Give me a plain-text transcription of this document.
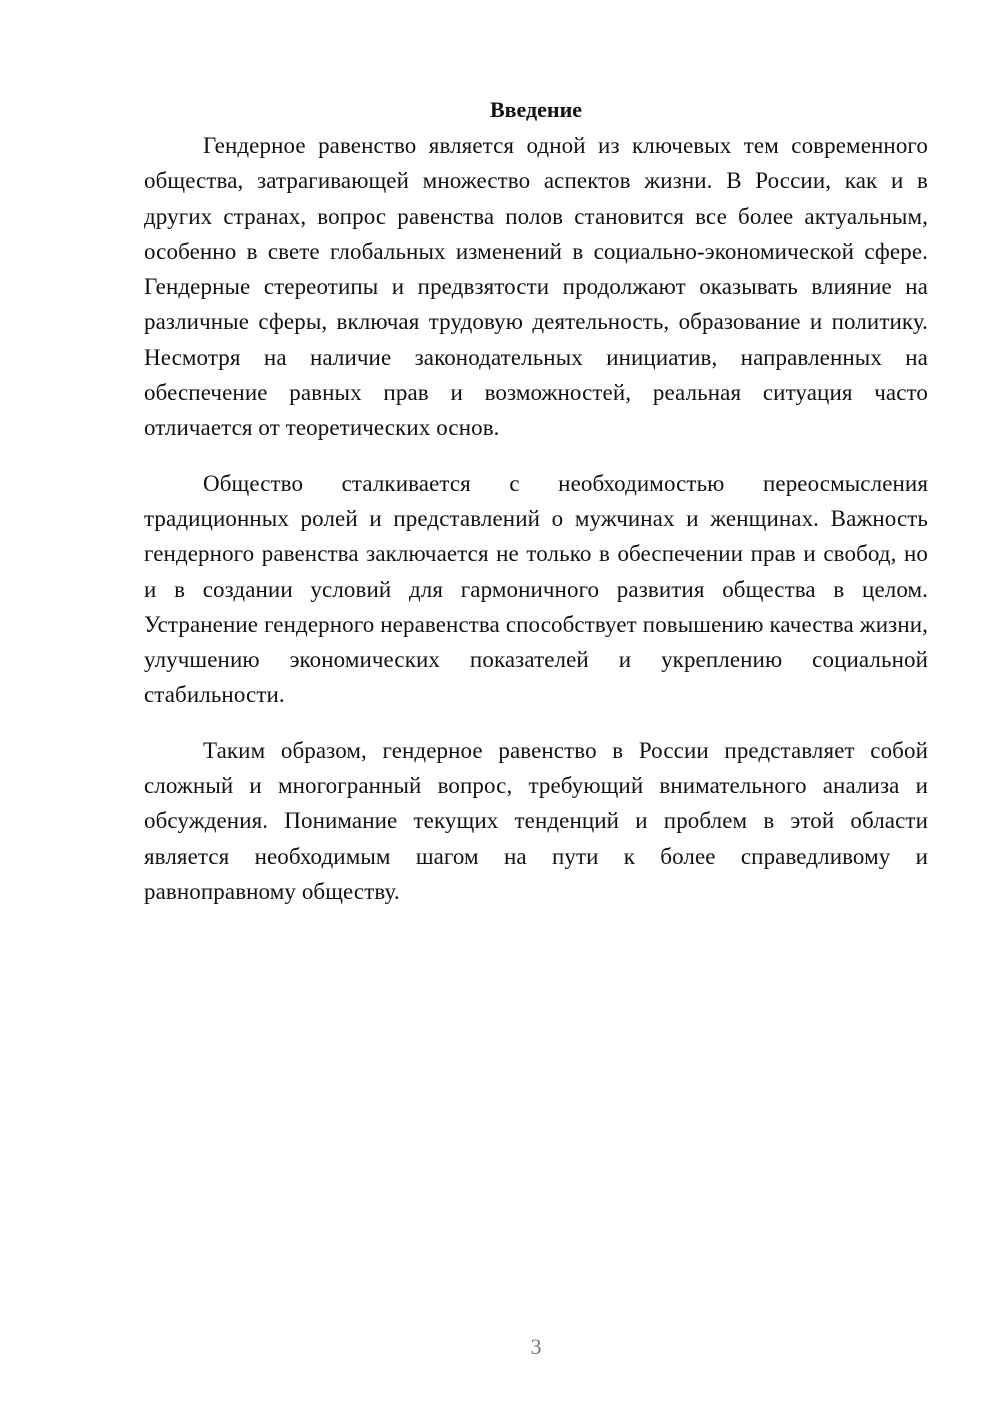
Введение

Гендерное равенство является одной из ключевых тем современного общества, затрагивающей множество аспектов жизни. В России, как и в других странах, вопрос равенства полов становится все более актуальным, особенно в свете глобальных изменений в социально-экономической сфере. Гендерные стереотипы и предвзятости продолжают оказывать влияние на различные сферы, включая трудовую деятельность, образование и политику. Несмотря на наличие законодательных инициатив, направленных на обеспечение равных прав и возможностей, реальная ситуация часто отличается от теоретических основ.

Общество сталкивается с необходимостью переосмысления традиционных ролей и представлений о мужчинах и женщинах. Важность гендерного равенства заключается не только в обеспечении прав и свобод, но и в создании условий для гармоничного развития общества в целом. Устранение гендерного неравенства способствует повышению качества жизни, улучшению экономических показателей и укреплению социальной стабильности.

Таким образом, гендерное равенство в России представляет собой сложный и многогранный вопрос, требующий внимательного анализа и обсуждения. Понимание текущих тенденций и проблем в этой области является необходимым шагом на пути к более справедливому и равноправному обществу.

3
